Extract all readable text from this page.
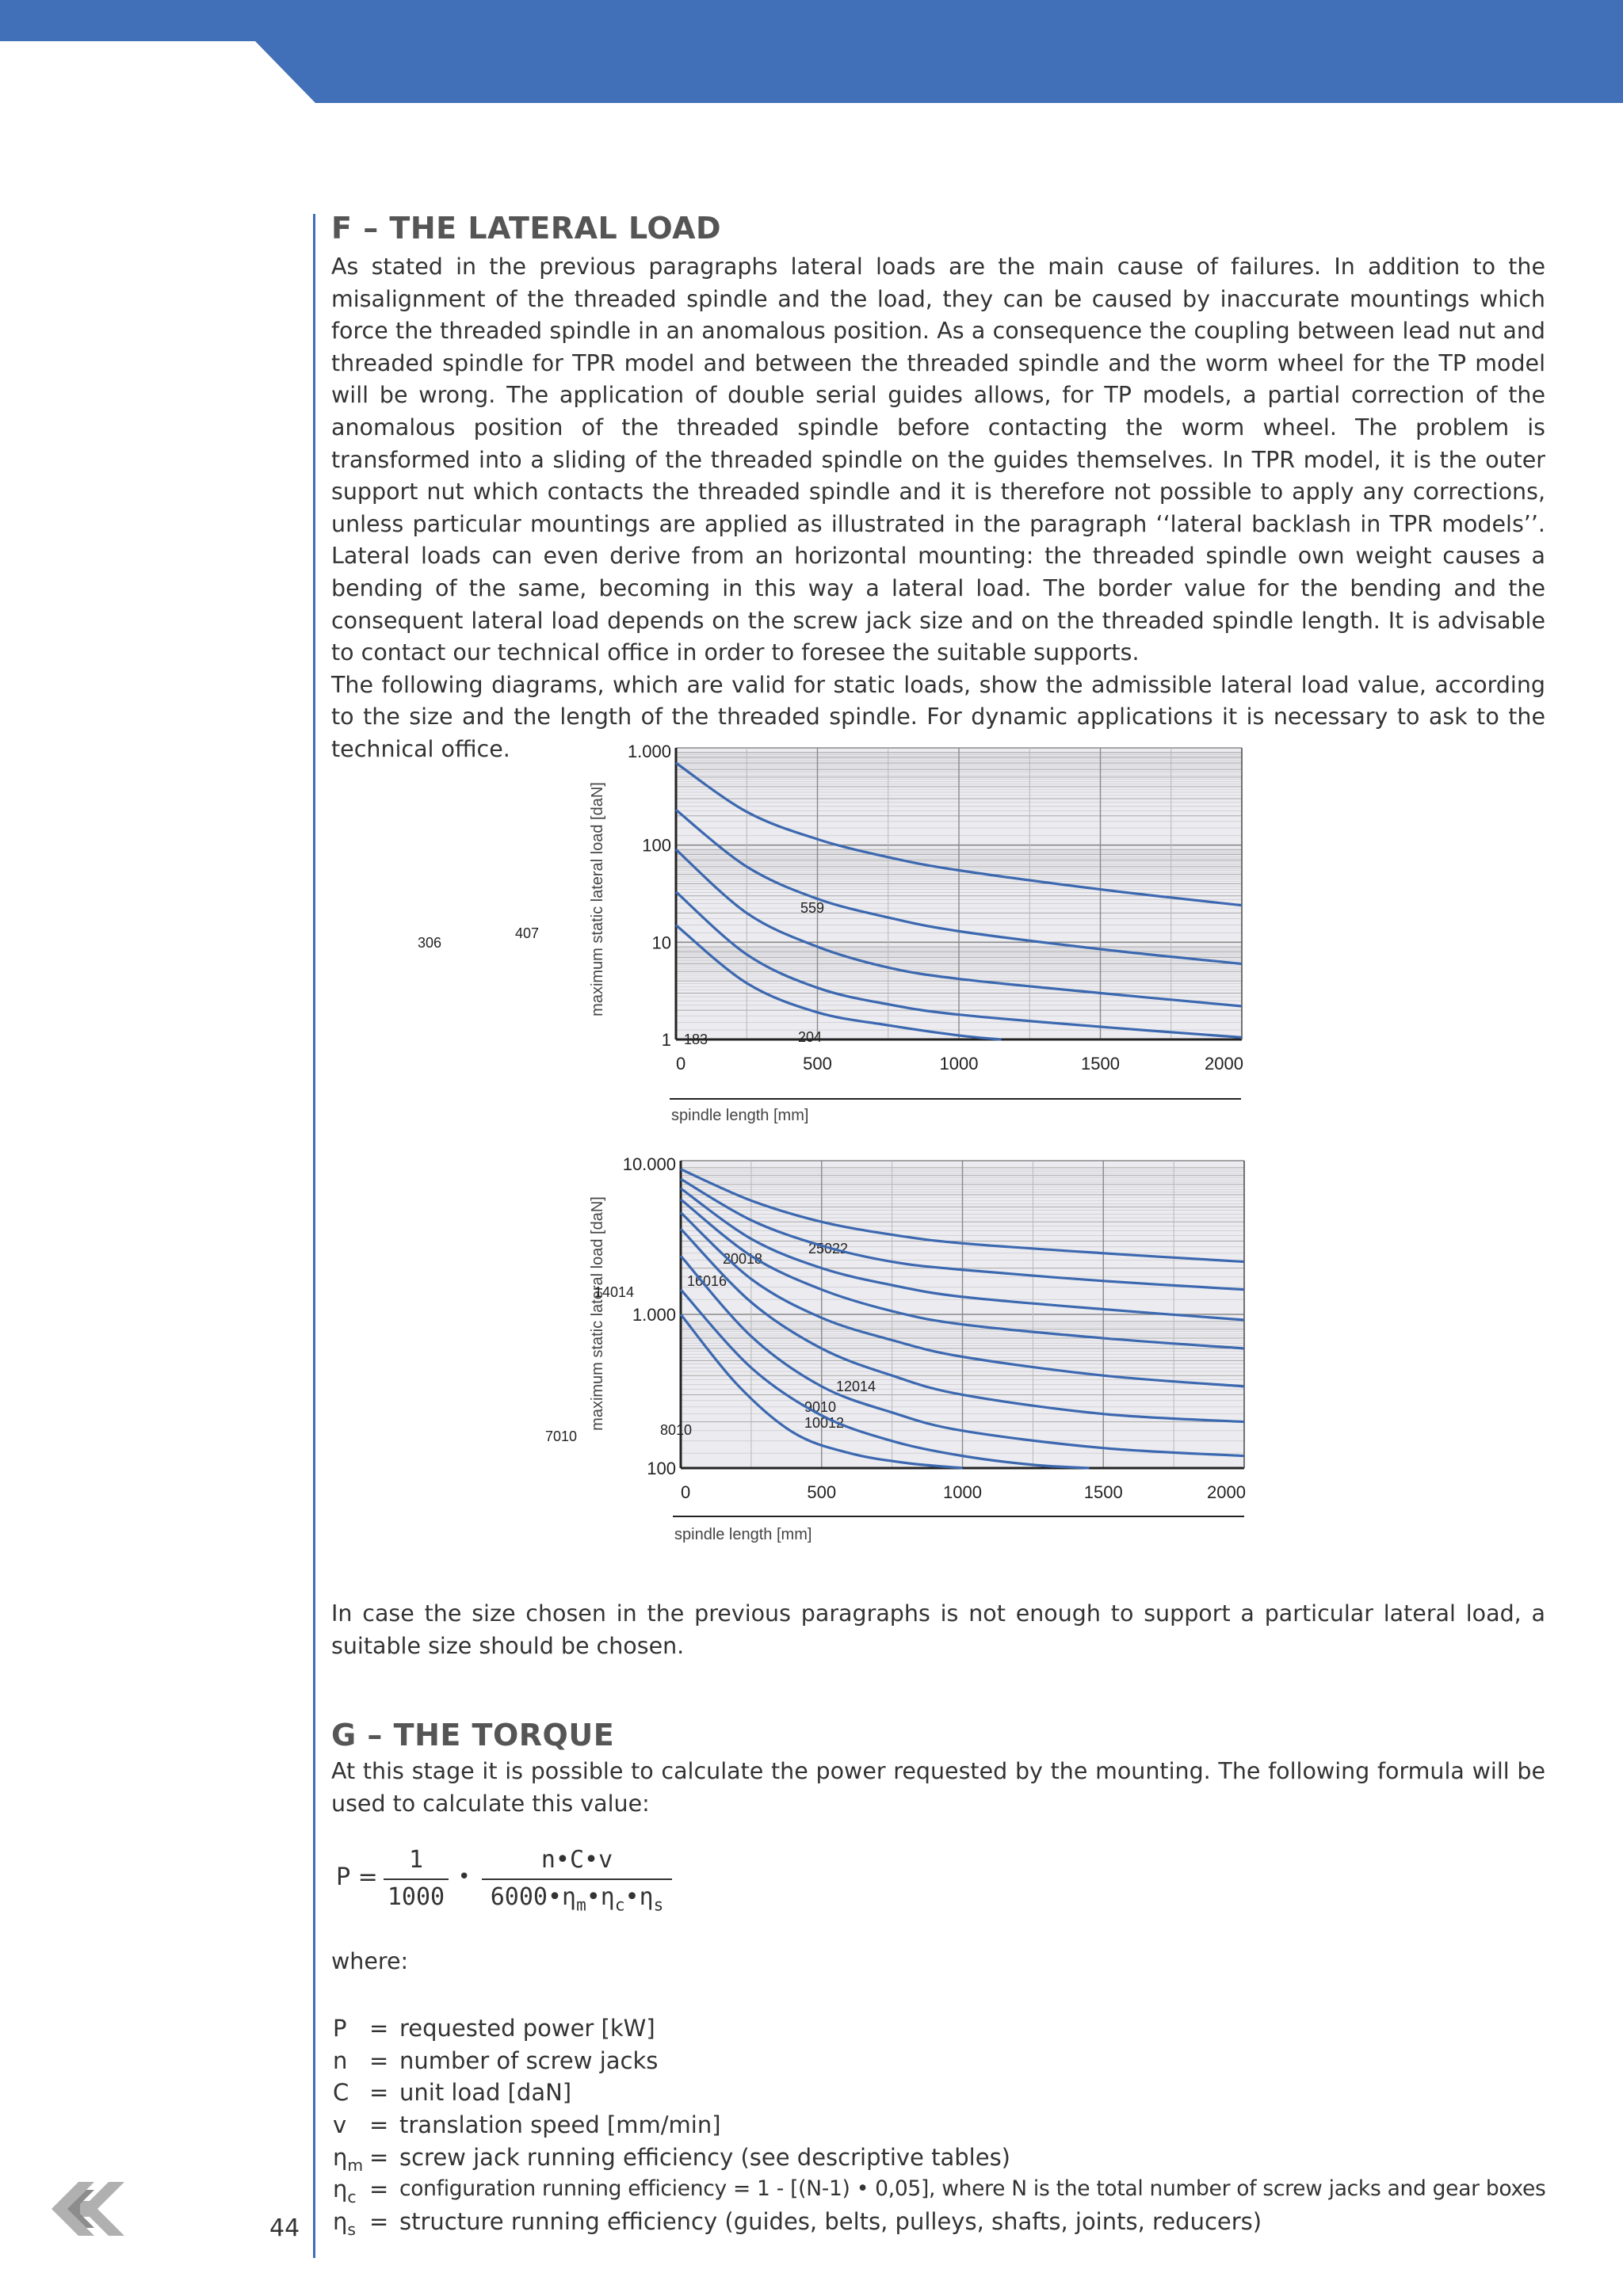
F – THE LATERAL LOAD

As stated in the previous paragraphs lateral loads are the main cause of failures. In addition to the misalignment of the threaded spindle and the load, they can be caused by inaccurate mountings which force the threaded spindle in an anomalous position. As a consequence the coupling between lead nut and threaded spindle for TPR model and between the threaded spindle and the worm wheel for the TP model will be wrong. The application of double serial guides allows, for TP models, a partial correction of the anomalous position of the threaded spindle before contacting the worm wheel. The problem is transformed into a sliding of the threaded spindle on the guides themselves. In TPR model, it is the outer support nut which contacts the threaded spindle and it is therefore not possible to apply any corrections, unless particular mountings are applied as illustrated in the paragraph ‘‘lateral backlash in TPR models’’. Lateral loads can even derive from an horizontal mounting: the threaded spindle own weight causes a bending of the same, becoming in this way a lateral load. The border value for the bending and the consequent lateral load depends on the screw jack size and on the threaded spindle length. It is advisable to contact our technical office in order to foresee the suitable supports.

The following diagrams, which are valid for static loads, show the admissible lateral load value, according to the size and the length of the threaded spindle. For dynamic applications it is necessary to ask to the technical office.

maximum static lateral load [daN]
spindle length [mm]
1
10
100
1.000
0	500	1000	1500	2000
559
407
306
204
183
maximum static lateral load [daN]
spindle length [mm]
100
1.000
10.000
0	500	1000	1500	2000
25022
20018
16016
14014
12014
10012
9010
8010
7010

In case the size chosen in the previous paragraphs is not enough to support a particular lateral load, a suitable size should be chosen.

G – THE TORQUE

At this stage it is possible to calculate the power requested by the mounting. The following formula will be used to calculate this value:

$P = \frac{1}{1000}$ • $\frac{n•C•v}{6000•\eta_m•\eta_c•\eta_s}$

where:

P = requested power [kW]
n = number of screw jacks
C = unit load [daN]
v = translation speed [mm/min]
$\eta_m$ = screw jack running efficiency (see descriptive tables)
$\eta_c$ = configuration running efficiency = 1 - [(N-1) • 0,05], where N is the total number of screw jacks and gear boxes
$\eta_s$ = structure running efficiency (guides, belts, pulleys, shafts, joints, reducers)
44
